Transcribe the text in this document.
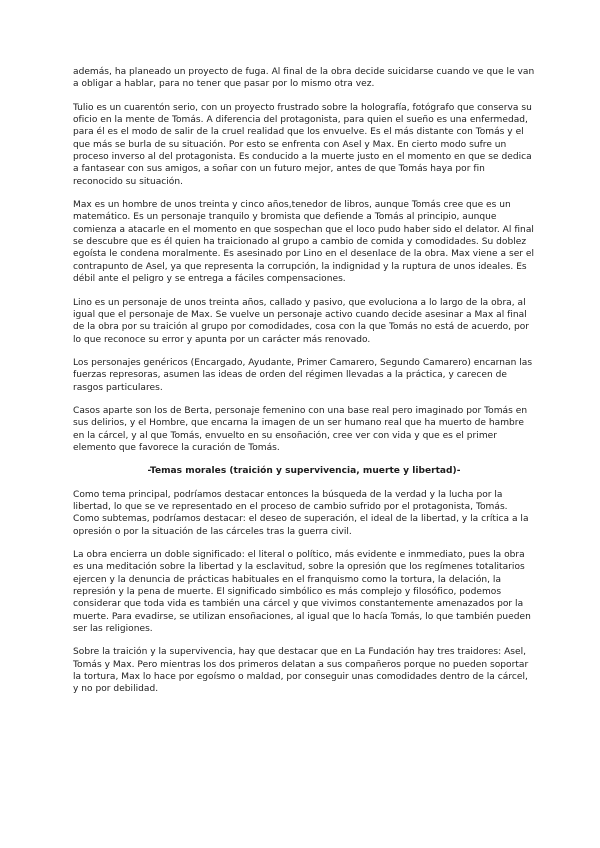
además, ha planeado un proyecto de fuga. Al final de la obra decide suicidarse cuando ve que le van a obligar a hablar, para no tener que pasar por lo mismo otra vez.

Tulio es un cuarentón serio, con un proyecto frustrado sobre la holografía, fotógrafo que conserva su oficio en la mente de Tomás. A diferencia del protagonista, para quien el sueño es una enfermedad, para él es el modo de salir de la cruel realidad que los envuelve. Es el más distante con Tomás y el que más se burla de su situación. Por esto se enfrenta con Asel y Max. En cierto modo sufre un proceso inverso al del protagonista. Es conducido a la muerte justo en el momento en que se dedica a fantasear con sus amigos, a soñar con un futuro mejor, antes de que Tomás haya por fin reconocido su situación.

Max es un hombre de unos treinta y cinco años,tenedor de libros, aunque Tomás cree que es un matemático. Es un personaje tranquilo y bromista que defiende a Tomás al principio, aunque comienza a atacarle en el momento en que sospechan que el loco pudo haber sido el delator. Al final se descubre que es él quien ha traicionado al grupo a cambio de comida y comodidades. Su doblez egoísta le condena moralmente. Es asesinado por Lino en el desenlace de la obra. Max viene a ser el contrapunto de Asel, ya que representa la corrupción, la indignidad y la ruptura de unos ideales. Es débil ante el peligro y se entrega a fáciles compensaciones.

Lino es un personaje de unos treinta años, callado y pasivo, que evoluciona a lo largo de la obra, al igual que el personaje de Max. Se vuelve un personaje activo cuando decide asesinar a Max al final de la obra por su traición al grupo por comodidades, cosa con la que Tomás no está de acuerdo, por lo que reconoce su error y apunta por un carácter más renovado.

Los personajes genéricos (Encargado, Ayudante, Primer Camarero, Segundo Camarero) encarnan las fuerzas represoras, asumen las ideas de orden del régimen llevadas a la práctica, y carecen de rasgos particulares.

Casos aparte son los de Berta, personaje femenino con una base real pero imaginado por Tomás en sus delirios, y el Hombre, que encarna la imagen de un ser humano real que ha muerto de hambre en la cárcel, y al que Tomás, envuelto en su ensoñación, cree ver con vida y que es el primer elemento que favorece la curación de Tomás.

-Temas morales (traición y supervivencia, muerte y libertad)-

Como tema principal, podríamos destacar entonces la búsqueda de la verdad y la lucha por la libertad, lo que se ve representado en el proceso de cambio sufrido por el protagonista, Tomás. Como subtemas, podríamos destacar: el deseo de superación, el ideal de la libertad, y la crítica a la opresión o por la situación de las cárceles tras la guerra civil.

La obra encierra un doble significado: el literal o político, más evidente e inmmediato, pues la obra es una meditación sobre la libertad y la esclavitud, sobre la opresión que los regímenes totalitarios ejercen y la denuncia de prácticas habituales en el franquismo como la tortura, la delación, la represión y la pena de muerte. El significado simbólico es más complejo y filosófico, podemos considerar que toda vida es también una cárcel y que vivimos constantemente amenazados por la muerte. Para evadirse, se utilizan ensoñaciones, al igual que lo hacía Tomás, lo que también pueden ser las religiones.

Sobre la traición y la supervivencia, hay que destacar que en La Fundación hay tres traidores: Asel, Tomás y Max. Pero mientras los dos primeros delatan a sus compañeros porque no pueden soportar la tortura, Max lo hace por egoísmo o maldad, por conseguir unas comodidades dentro de la cárcel, y no por debilidad.
